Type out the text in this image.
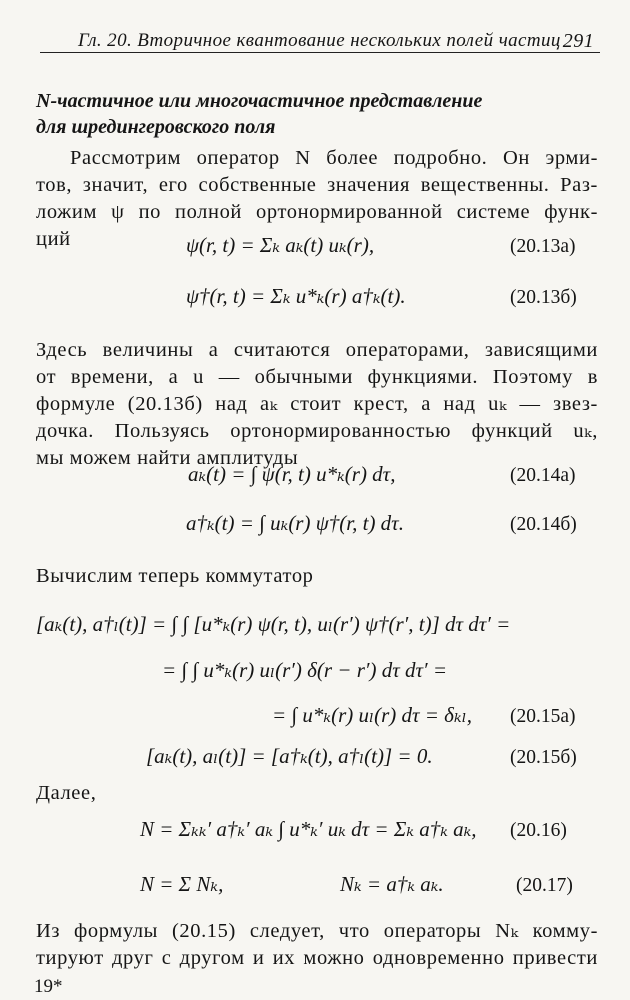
Гл. 20. Вторичное квантование нескольких полей частиц 291
N-частичное или многочастичное представление
для шредингеровского поля
Рассмотрим оператор N более подробно. Он эрми-
тов, значит, его собственные значения вещественны. Раз-
ложим ψ по полной ортонормированной системе функ-
ций	ψ(r, t) = Σₖ aₖ(t) uₖ(r),	(20.13а)
ψ†(r, t) = Σₖ u*ₖ(r) a†ₖ(t).	(20.13б)
Здесь величины a считаются операторами, зависящими
от времени, а u — обычными функциями. Поэтому в
формуле (20.13б) над aₖ стоит крест, а над uₖ — звез-
дочка. Пользуясь ортонормированностью функций uₖ,
мы можем найти амплитуды
aₖ(t) = ∫ ψ(r, t) u*ₖ(r) dτ,	(20.14а)
a†ₖ(t) = ∫ uₖ(r) ψ†(r, t) dτ.	(20.14б)
Вычислим теперь коммутатор
[aₖ(t), a†ₗ(t)] = ∫ ∫ [u*ₖ(r) ψ(r, t), uₗ(r′) ψ†(r′, t)] dτ dτ′ =
= ∫ ∫ u*ₖ(r) uₗ(r′) δ(r − r′) dτ dτ′ =
= ∫ u*ₖ(r) uₗ(r) dτ = δₖₗ, (20.15а)
[aₖ(t), aₗ(t)] = [a†ₖ(t), a†ₗ(t)] = 0.	(20.15б)
Далее,
N = Σₖₖ′ a†ₖ′ aₖ ∫ u*ₖ′ uₖ dτ = Σₖ a†ₖ aₖ, (20.16)
N = Σ Nₖ,	Nₖ = a†ₖ aₖ.	(20.17)
Из формулы (20.15) следует, что операторы Nₖ комму-
тируют друг с другом и их можно одновременно привести
19*
